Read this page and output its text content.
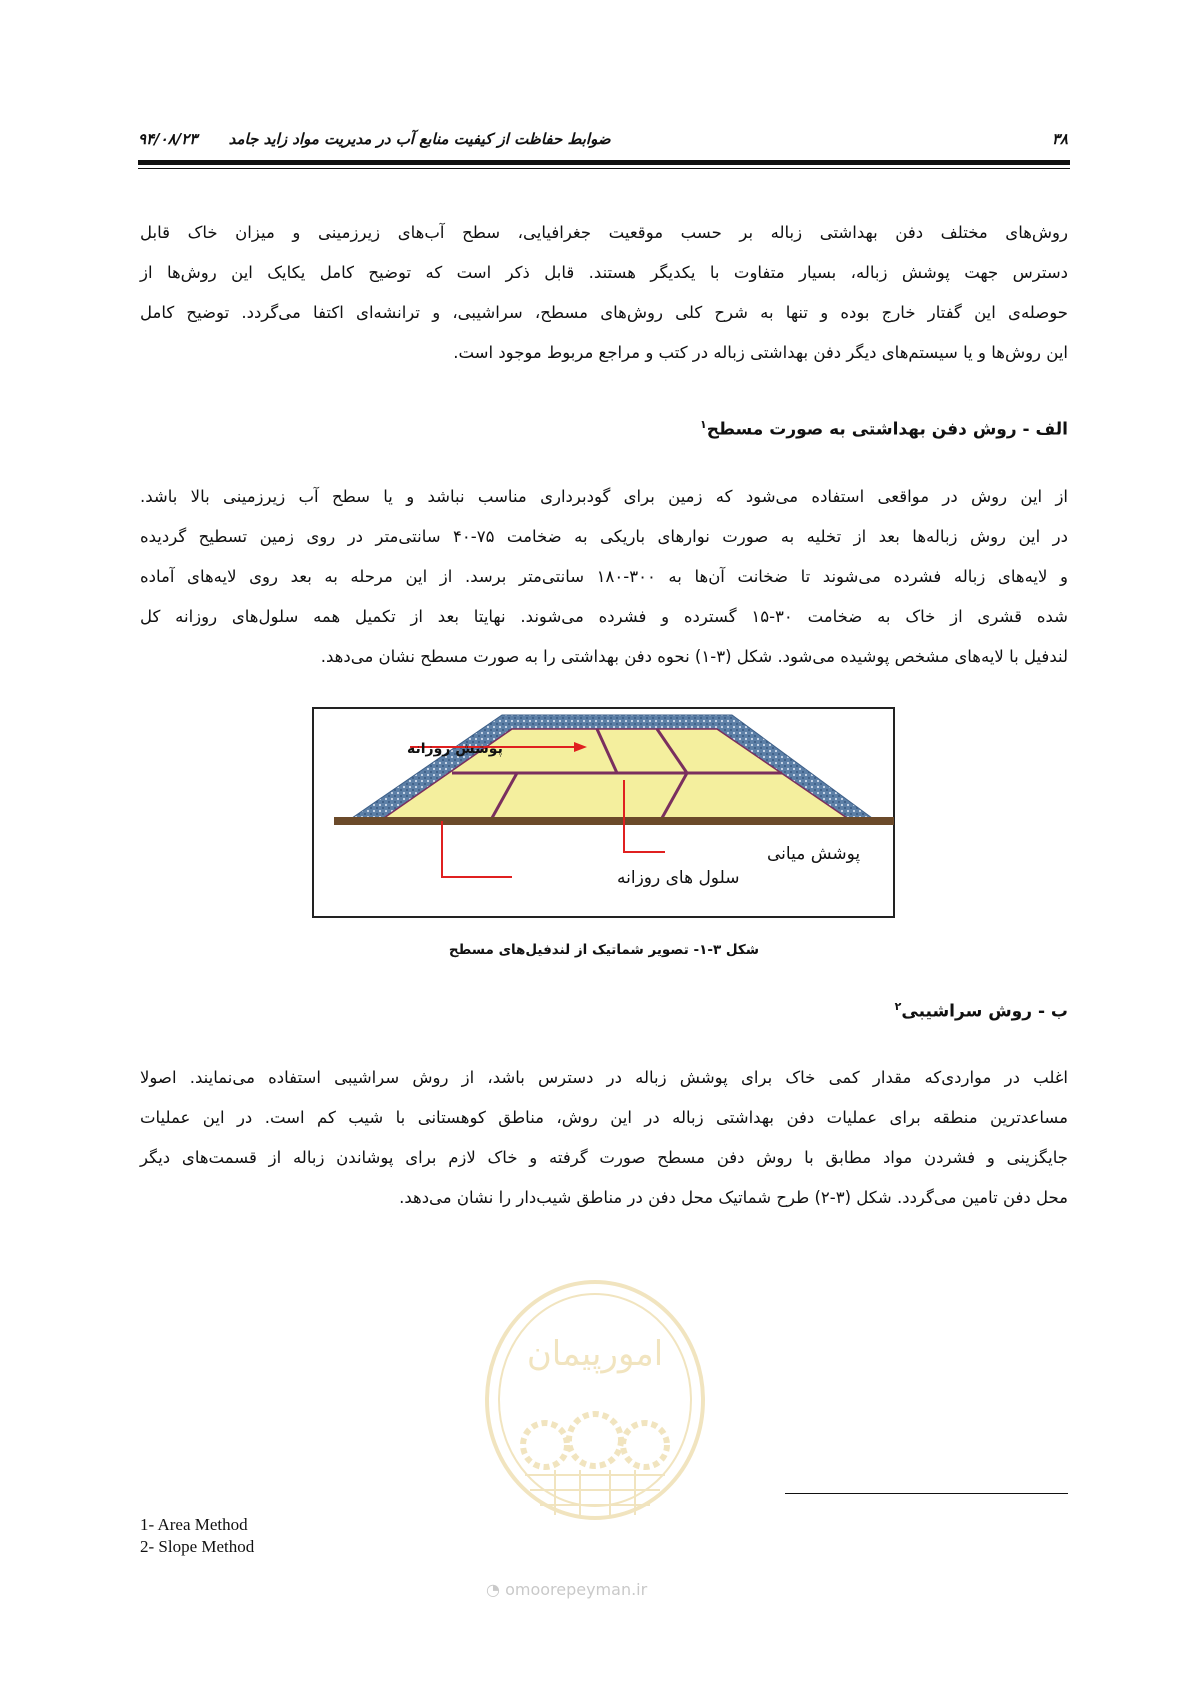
۳۸
ضوابط حفاظت از کیفیت منابع آب در مدیریت مواد زاید جامد      ۹۴/۰۸/۲۳
روش‌های مختلف دفن بهداشتی زباله بر حسب موقعیت جغرافیایی، سطح آب‌های زیرزمینی و میزان خاک قابل
دسترس جهت پوشش زباله، بسیار متفاوت با یکدیگر هستند. قابل ذکر است که توضیح کامل یکایک این روش‌ها از
حوصله‌ی این گفتار خارج بوده و تنها به شرح کلی روش‌های مسطح، سراشیبی، و ترانشه‌ای اکتفا می‌گردد. توضیح کامل
این روش‌ها و یا سیستم‌های دیگر دفن بهداشتی زباله در کتب و مراجع مربوط موجود است.
الف - روش دفن بهداشتی به صورت مسطح$^۱$
از این روش در مواقعی استفاده می‌شود که زمین برای گودبرداری مناسب نباشد و یا سطح آب زیرزمینی بالا باشد.
در این روش زباله‌ها بعد از تخلیه به صورت نوارهای باریکی به ضخامت ۷۵-۴۰ سانتی‌متر در روی زمین تسطیح گردیده
و لایه‌های زباله فشرده می‌شوند تا ضخانت آن‌ها به ۳۰۰-۱۸۰ سانتی‌متر برسد. از این مرحله به بعد روی لایه‌های آماده
شده قشری از خاک به ضخامت ۳۰-۱۵ گسترده و فشرده می‌شوند. نهایتا بعد از تکمیل همه سلول‌های روزانه کل
لندفیل با لایه‌های مشخص پوشیده می‌شود. شکل (۳-۱) نحوه دفن بهداشتی را به صورت مسطح نشان می‌دهد.
پوشش روزانه
پوشش میانی
سلول های روزانه
شکل ۳-۱- تصویر شماتیک از لندفیل‌های مسطح
ب - روش سراشیبی$^۲$
اغلب در مواردی‌که مقدار کمی خاک برای پوشش زباله در دسترس باشد، از روش سراشیبی استفاده می‌نمایند. اصولا
مساعدترین منطقه برای عملیات دفن بهداشتی زباله در این روش، مناطق کوهستانی با شیب کم است. در این عملیات
جایگزینی و فشردن مواد مطابق با روش دفن مسطح صورت گرفته و خاک لازم برای پوشاندن زباله از قسمت‌های دیگر
محل دفن تامین می‌گردد. شکل (۳-۲) طرح شماتیک محل دفن در مناطق شیب‌دار را نشان می‌دهد.
امورپیمان
◔ omoorepeyman.ir
1- Area Method
2- Slope Method
